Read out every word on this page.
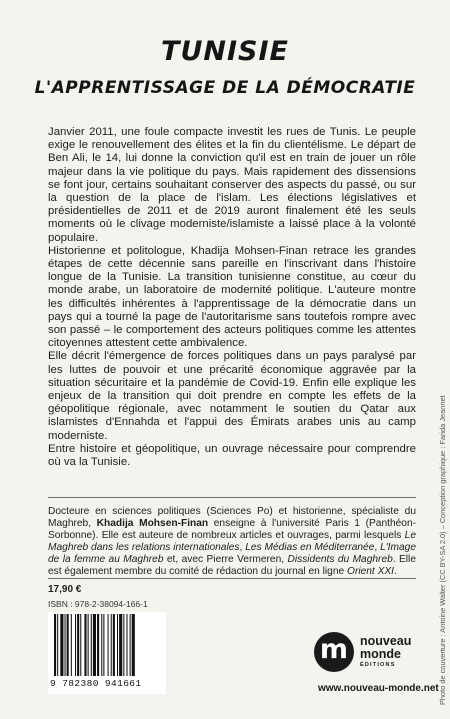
TUNISIE
L'APPRENTISSAGE DE LA DÉMOCRATIE

Janvier 2011, une foule compacte investit les rues de Tunis. Le peuple exige le renouvellement des élites et la fin du clientélisme. Le départ de Ben Ali, le 14, lui donne la conviction qu'il est en train de jouer un rôle majeur dans la vie politique du pays. Mais rapidement des dissensions se font jour, certains souhaitant conserver des aspects du passé, ou sur la question de la place de l'islam. Les élections législatives et présidentielles de 2011 et de 2019 auront finalement été les seuls moments où le clivage moderniste/islamiste a laissé place à la volonté populaire.

Historienne et politologue, Khadija Mohsen-Finan retrace les grandes étapes de cette décennie sans pareille en l'inscrivant dans l'histoire longue de la Tunisie. La transition tunisienne constitue, au cœur du monde arabe, un laboratoire de modernité politique. L'auteure montre les difficultés inhérentes à l'apprentissage de la démocratie dans un pays qui a tourné la page de l'autoritarisme sans toutefois rompre avec son passé – le comportement des acteurs politiques comme les attentes citoyennes attestent cette ambivalence.

Elle décrit l'émergence de forces politiques dans un pays paralysé par les luttes de pouvoir et une précarité économique aggravée par la situation sécuritaire et la pandémie de Covid-19. Enfin elle explique les enjeux de la transition qui doit prendre en compte les effets de la géopolitique régionale, avec notamment le soutien du Qatar aux islamistes d'Ennahda et l'appui des Émirats arabes unis au camp moderniste.

Entre histoire et géopolitique, un ouvrage nécessaire pour comprendre où va la Tunisie.

Docteure en sciences politiques (Sciences Po) et historienne, spécialiste du Maghreb, Khadija Mohsen-Finan enseigne à l'université Paris 1 (Panthéon-Sorbonne). Elle est auteure de nombreux articles et ouvrages, parmi lesquels Le Maghreb dans les relations internationales, Les Médias en Méditerranée, L'Image de la femme au Maghreb et, avec Pierre Vermeren, Dissidents du Maghreb. Elle est également membre du comité de rédaction du journal en ligne Orient XXI.

17,90 €
ISBN : 978-2-38094-166-1
9 782380 941661
m nouveau
monde
ÉDITIONS
www.nouveau-monde.net Photo de couverture : Antoine Walter (CC BY-SA 2.0) – Conception graphique : Farida Jeannet
